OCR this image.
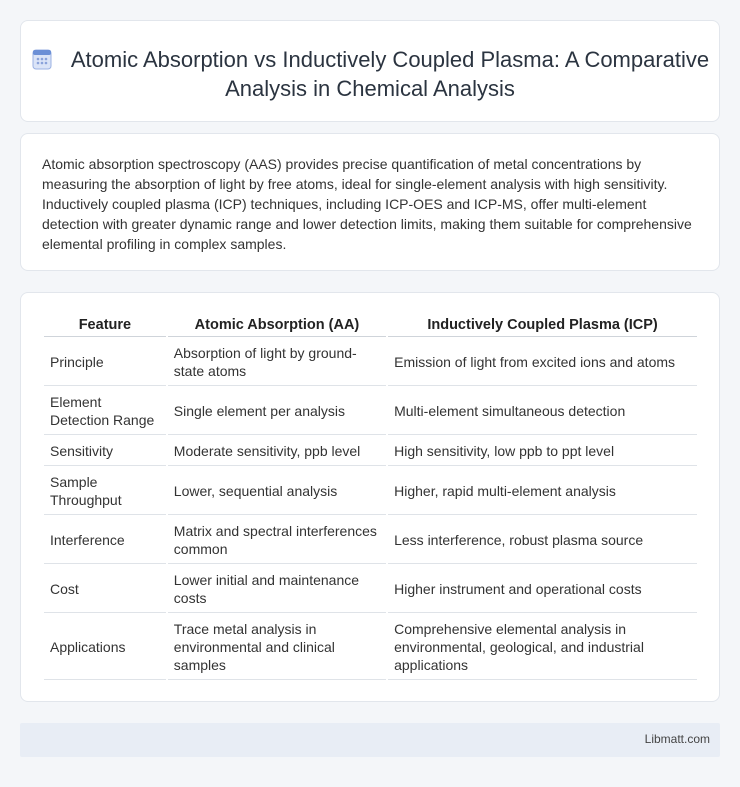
Atomic Absorption vs Inductively Coupled Plasma: A Comparative Analysis in Chemical Analysis

Atomic absorption spectroscopy (AAS) provides precise quantification of metal concentrations by measuring the absorption of light by free atoms, ideal for single-element analysis with high sensitivity. Inductively coupled plasma (ICP) techniques, including ICP-OES and ICP-MS, offer multi-element detection with greater dynamic range and lower detection limits, making them suitable for comprehensive elemental profiling in complex samples.

Feature	Atomic Absorption (AA)	Inductively Coupled Plasma (ICP)
Principle	Absorption of light by ground-state atoms	Emission of light from excited ions and atoms
Element Detection Range	Single element per analysis	Multi-element simultaneous detection
Sensitivity	Moderate sensitivity, ppb level	High sensitivity, low ppb to ppt level
Sample Throughput	Lower, sequential analysis	Higher, rapid multi-element analysis
Interference	Matrix and spectral interferences common	Less interference, robust plasma source
Cost	Lower initial and maintenance costs	Higher instrument and operational costs
Applications	Trace metal analysis in environmental and clinical samples	Comprehensive elemental analysis in environmental, geological, and industrial applications
Libmatt.com
